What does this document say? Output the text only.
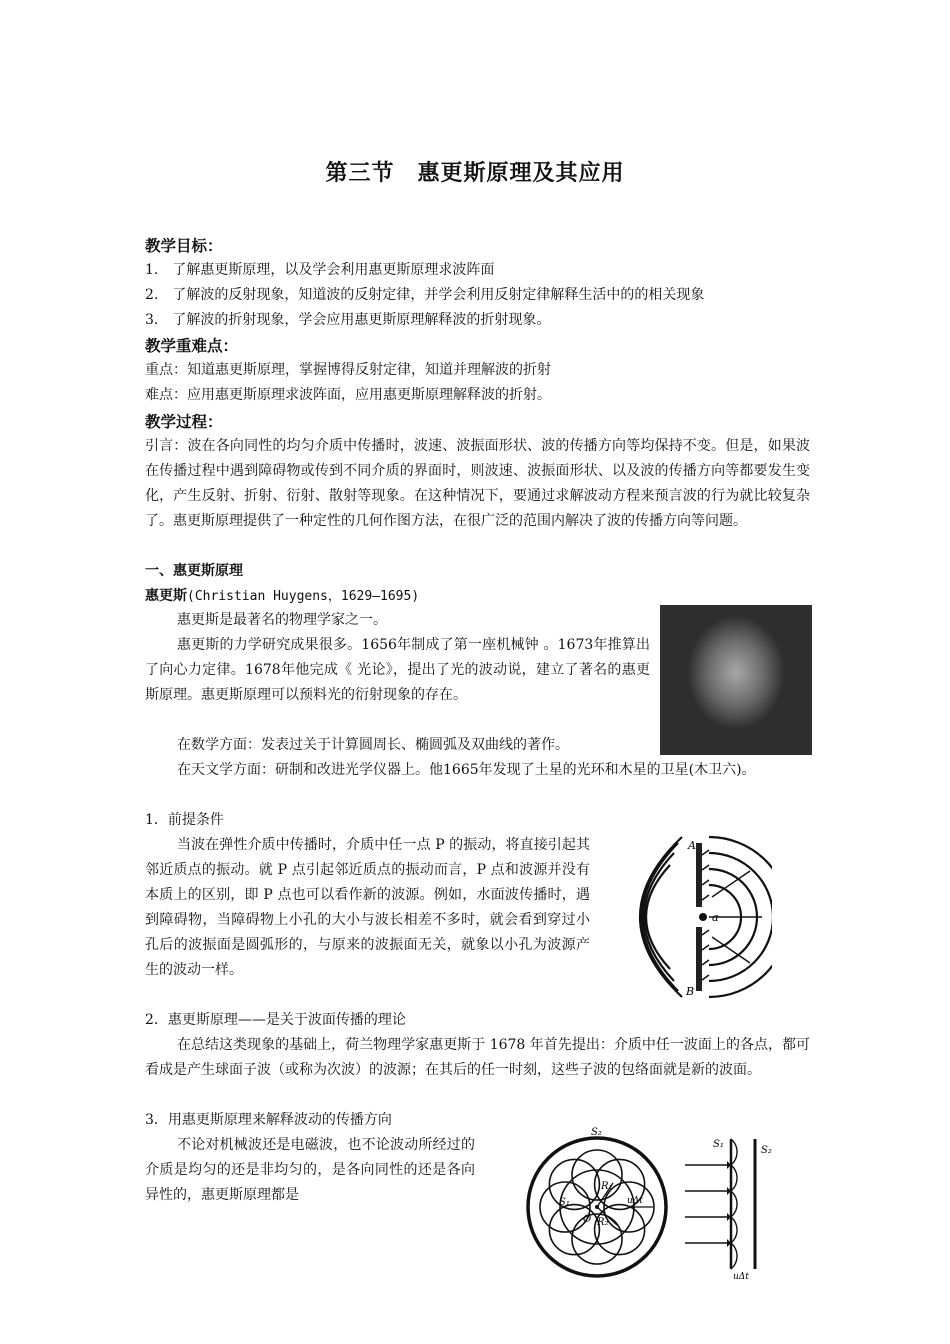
第三节　惠更斯原理及其应用
教学目标：
1.　了解惠更斯原理，以及学会利用惠更斯原理求波阵面
2.　了解波的反射现象，知道波的反射定律，并学会利用反射定律解释生活中的的相关现象
3.　了解波的折射现象，学会应用惠更斯原理解释波的折射现象。
教学重难点：
重点：知道惠更斯原理，掌握博得反射定律，知道并理解波的折射
难点：应用惠更斯原理求波阵面，应用惠更斯原理解释波的折射。
教学过程：
引言：波在各向同性的均匀介质中传播时，波速、波振面形状、波的传播方向等均保持不变。但是，如果波在传播过程中遇到障碍物或传到不同介质的界面时，则波速、波振面形状、以及波的传播方向等都要发生变化，产生反射、折射、衍射、散射等现象。在这种情况下，要通过求解波动方程来预言波的行为就比较复杂了。惠更斯原理提供了一种定性的几何作图方法，在很广泛的范围内解决了波的传播方向等问题。
一、惠更斯原理
惠更斯(Christian Huygens，1629—1695)
惠更斯是最著名的物理学家之一。
惠更斯的力学研究成果很多。1656年制成了第一座机械钟 。1673年推算出了向心力定律。1678年他完成《 光论》，提出了光的波动说，建立了著名的惠更斯原理。惠更斯原理可以预料光的衍射现象的存在。
在数学方面：发表过关于计算圆周长、椭圆弧及双曲线的著作。
在天文学方面：研制和改进光学仪器上。他1665年发现了土星的光环和木星的卫星(木卫六)。
1．前提条件
当波在弹性介质中传播时，介质中任一点 P 的振动，将直接引起其邻近质点的振动。就 P 点引起邻近质点的振动而言，P 点和波源并没有本质上的区别，即 P 点也可以看作新的波源。例如，水面波传播时，遇到障碍物，当障碍物上小孔的大小与波长相差不多时，就会看到穿过小孔后的波振面是圆弧形的，与原来的波振面无关，就象以小孔为波源产生的波动一样。
A
B
a
2．惠更斯原理——是关于波面传播的理论
在总结这类现象的基础上，荷兰物理学家惠更斯于 1678 年首先提出：介质中任一波面上的各点，都可看成是产生球面子波（或称为次波）的波源；在其后的任一时刻，这些子波的包络面就是新的波面。
3．用惠更斯原理来解释波动的传播方向
不论对机械波还是电磁波，也不论波动所经过的介质是均匀的还是非均匀的，是各向同性的还是各向异性的，惠更斯原理都是
S₂
S₁
R₁
R₂
O
uΔt
S₁
S₂
uΔt
